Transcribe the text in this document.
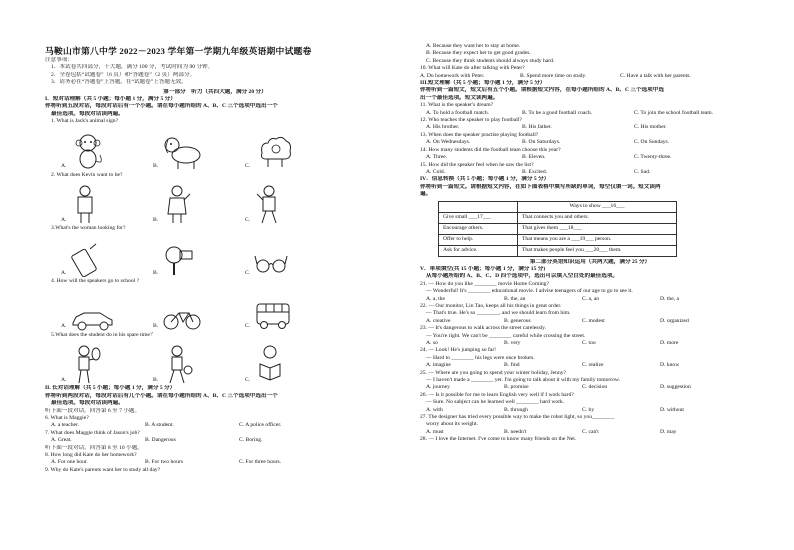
马鞍山市第八中学 2022－2023 学年第一学期九年级英语期中试题卷
注意事项：
1．本试卷共四部分，十大题，满分 100 分，考试时间为 90 分钟。
2．全卷包括“试题卷”（6 页）和“答题卷”（2 页）两部分。
3．请务必在“答题卷”上答题，在“试题卷”上答题无效。
第一部分　听力（共四大题，满分 20 分）
I．短对话理解（共 5 小题；每小题 1 分，满分 5 分）
你将听到五段对话，每段对话后有一个小题。请在每小题所给的 A、B、C 三个选项中选出一个
最佳选项。每段对话读两遍。
1. What is Jack's animal sign?
A.	B.	C.
2. What does Kevin want to be?
A.	B.	C.
3.What's the woman looking for?
A.	B.	C.
4. How will the speakers go to school ?
A.	B.	C.
5.What does the student do in his spare time？
A.	B.	C.
II. 长对话理解（共 5 小题；每小题 1 分，满分 5 分）
你将听到两段对话，每段对话后有几个小题。请在每小题所给的 A、B、C 三个选项中选出一个
最佳选项。每段对话读两遍。
听下面一段对话，回答第 6 至 7 小题。
6. What is Maggie?
A. a teacher.	B. A student.	C. A police officer.
7. What does Maggie think of Jason's job?
A. Great.	B. Dangerous	C. Boring.
听下面一段对话，回答第 8 至 10 小题。
8. How long did Kate do her homework?
A. For one hour.	B. For two hours	C. For three hours.
9. Why do Kate's parents want her to study all day?
A. Because they want her to stay at home.
B. Because they expect her to get good grades.
C. Because they think students should always study hard.
10. What will Kate do after talking with Peter?
A. Do homework with Peter.	B. Spend more time on study.	C. Have a talk with her parents.
III.短文理解（共 5 小题；每小题 1 分，满分 5 分）
你将听到一篇短文，短文后有五个小题。请根据短文内容，在每小题所给的 A、B、C 三个选项中选
出一个最佳选项。短文读两遍。
11. What is the speaker's dream?
A. To hold a football match.	B. To be a good football coach.	C. To join the school football team.
12. Who teaches the speaker to play football?
A. His brother.	B. His father.	C. His mother.
13. When does the speaker practise playing football?
A. On Wednesdays.	B. On Saturdays.	C. On Sundays.
14. How many students did the football team choose this year?
A. Three.	B. Eleven.	C. Twenty-three.
15. How did the speaker feel when he saw the list?
A. Cold.	B. Excited.	C. Sad.
IV．信息转换（共 5 小题；每小题 1 分，满分 5 分）
你将听到一篇短文。请根据短文内容，在如下图表格中填写所缺的单词，每空仅填一词。短文读两
遍。
	Ways to show ___16___
Give small ___17___	That connects you and others.
Encourage others.	That gives them ___18___
Offer to help.	That means you are a ___19___ person.
Ask for advice.	That makes people feel you ___20___ them.
第二部分英语知识运用（共两大题，满分 25 分）
V．单项填空(共 15 小题；每小题 1 分，满分 15 分)
从每小题所给的 A、B、C、D 四个选项中，选出可以填入空白处的最佳选项。
21. — How do you like ________ movie Home Coming?
— Wonderful! It's ________ educational movie. I advise teenagers of our age to go to see it.
A. a, the	B. the, an	C. a, an	D. the, a
22. — Our monitor, Lin Tao, keeps all his things in great order.
— That's true. He's so ________, and we should learn from him.
A. creative	B. generous	C. modest	D. organized
23. — It's dangerous to walk across the street carelessly.
— You're right. We can't be ________ careful while crossing the street.
A. so	B. very	C. too	D. more
24. — Look! He's jumping so far!
— Hard to ________ his legs were once broken.
A. imagine	B. find	C. realize	D. know
25. — Where are you going to spend your winter holiday, Jenny?
— I haven't made a ________ yet. I'm going to talk about it with my family tomorrow.
A. journey	B. promise	C. decision	D. suggestion
26. — Is it possible for me to learn English very well if I work hard?
— Sure. No subject can be learned well ________ hard work.
A. with	B. through	C. by	D. without
27. The designer has tried every possible way to make the robot light, so you________
worry about its weight.
A. must	B. needn't	C. can't	D. may
28. — I love the Internet. I've come to know many friends on the Net.
